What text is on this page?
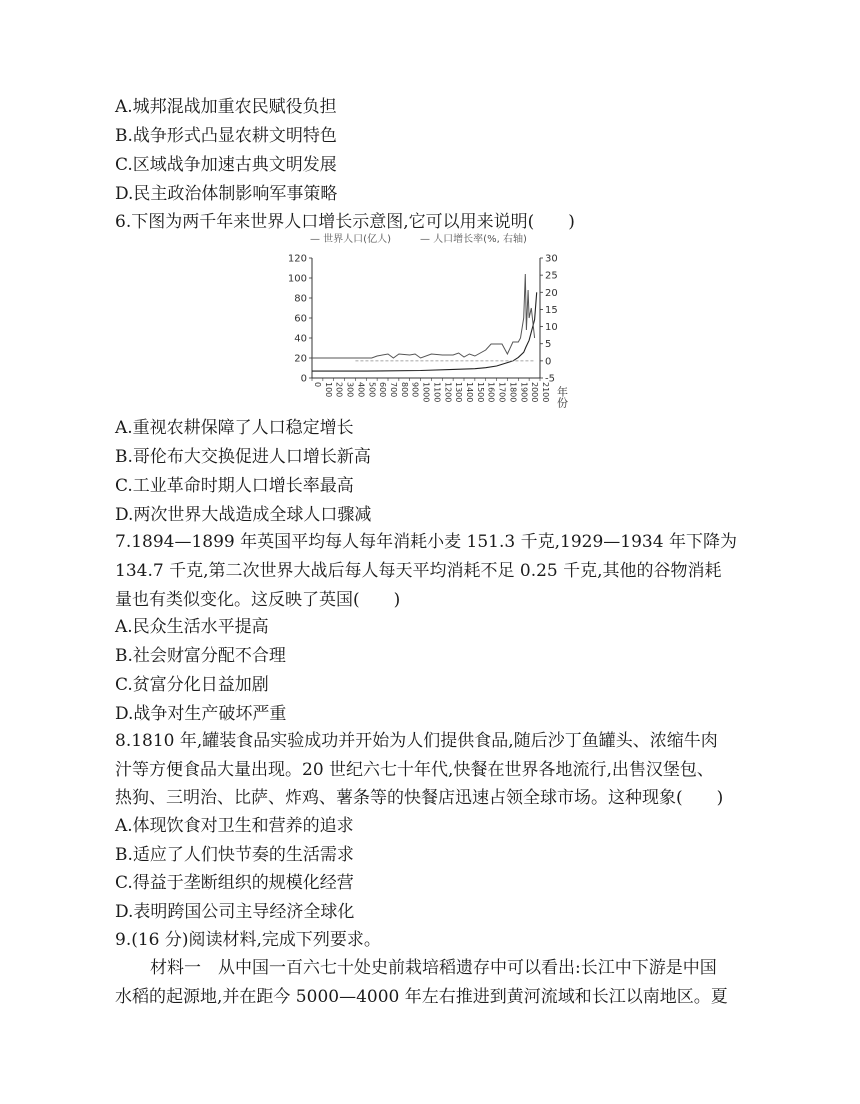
A.城邦混战加重农民赋役负担
B.战争形式凸显农耕文明特色
C.区域战争加速古典文明发展
D.民主政治体制影响军事策略
6.下图为两千年来世界人口增长示意图,它可以用来说明(　　)
— 世界人口(亿人)	— 人口增长率(%, 右轴)
0
20
40
60
80
100
120
-5
0
5
10
15
20
25
30
0 100 200 300 400 500 600 700 800 900 1000 1100 1200 1300 1400 1500 1600 1700 1800 1900 2000 2100 年份
A.重视农耕保障了人口稳定增长
B.哥伦布大交换促进人口增长新高
C.工业革命时期人口增长率最高
D.两次世界大战造成全球人口骤减
7.1894—1899 年英国平均每人每年消耗小麦 151.3 千克,1929—1934 年下降为
134.7 千克,第二次世界大战后每人每天平均消耗不足 0.25 千克,其他的谷物消耗
量也有类似变化。这反映了英国(　　)
A.民众生活水平提高
B.社会财富分配不合理
C.贫富分化日益加剧
D.战争对生产破坏严重
8.1810 年,罐装食品实验成功并开始为人们提供食品,随后沙丁鱼罐头、浓缩牛肉
汁等方便食品大量出现。20 世纪六七十年代,快餐在世界各地流行,出售汉堡包、
热狗、三明治、比萨、炸鸡、薯条等的快餐店迅速占领全球市场。这种现象(　　)
A.体现饮食对卫生和营养的追求
B.适应了人们快节奏的生活需求
C.得益于垄断组织的规模化经营
D.表明跨国公司主导经济全球化
9.(16 分)阅读材料,完成下列要求。
材料一　从中国一百六七十处史前栽培稻遗存中可以看出:长江中下游是中国
水稻的起源地,并在距今 5000—4000 年左右推进到黄河流域和长江以南地区。夏
